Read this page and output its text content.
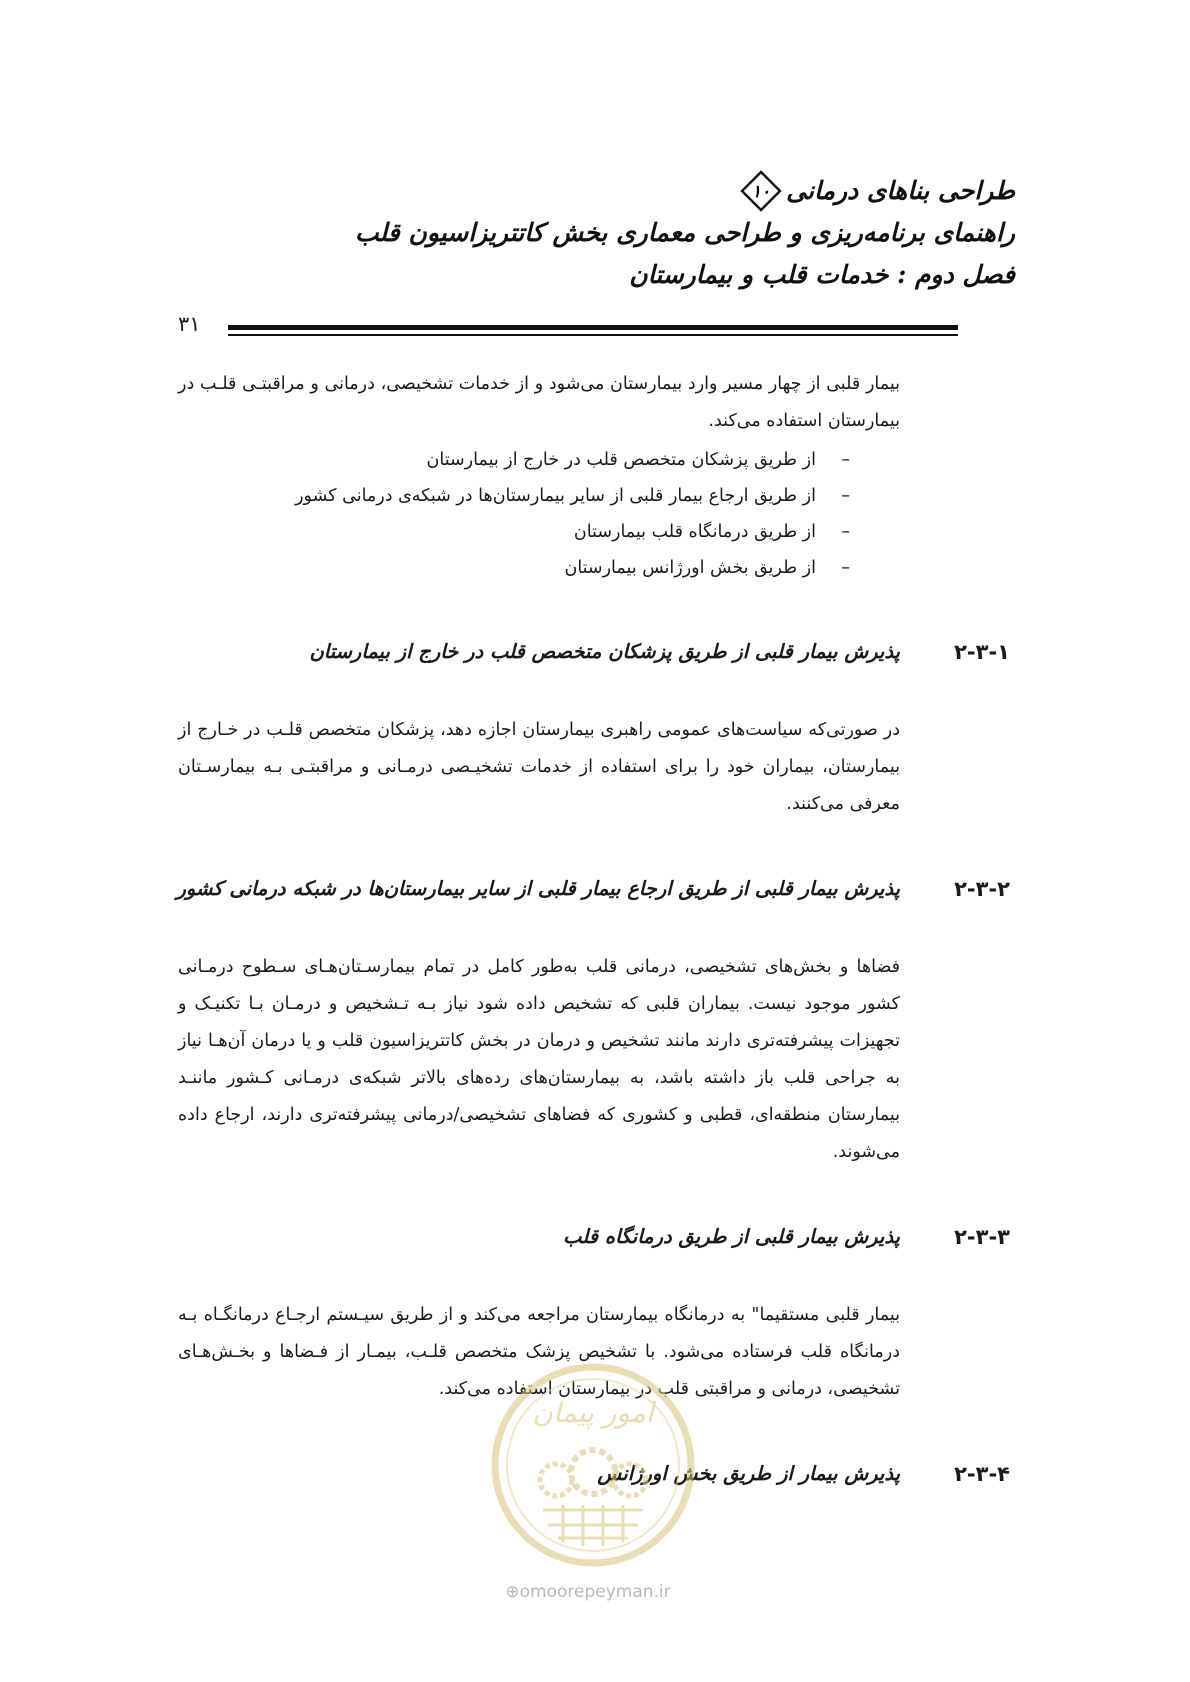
طراحی بناهای درمانی
۱۰
راهنمای برنامه‌ریزی و طراحی معماری بخش کاتتریزاسیون قلب
فصل دوم : خدمات قلب و بیمارستان
۳۱

بیمار قلبی از چهار مسیر وارد بیمارستان می‌شود و از خدمات تشخیصی، درمانی و مراقبتـی قلـب در بیمارستان استفاده می‌کند.

–
از طریق پزشکان متخصص قلب در خارج از بیمارستان
–
از طریق ارجاع بیمار قلبی از سایر بیمارستان‌ها در شبکه‌ی درمانی کشور
–
از طریق درمانگاه قلب بیمارستان
–
از طریق بخش اورژانس بیمارستان
۲-۳-۱
پذیرش بیمار قلبی از طریق پزشکان متخصص قلب در خارج از بیمارستان

در صورتی‌که سیاست‌های عمومی راهبری بیمارستان اجازه دهد، پزشکان متخصص قلـب در خـارج از بیمارستان، بیماران خود را برای استفاده از خدمات تشخیـصی درمـانی و مراقبتـی بـه بیمارسـتان معرفی می‌کنند.

۲-۳-۲
پذیرش بیمار قلبی از طریق ارجاع بیمار قلبی از سایر بیمارستان‌ها در شبکه درمانی کشور

فضاها و بخش‌های تشخیصی، درمانی قلب به‌طور کامل در تمام بیمارسـتان‌هـای سـطوح درمـانی کشور موجود نیست. بیماران قلبی که تشخیص داده شود نیاز بـه تـشخیص و درمـان بـا تکنیـک و تجهیزات پیشرفته‌تری دارند مانند تشخیص و درمان در بخش کاتتریزاسیون قلب و یا درمان آن‌هـا نیاز به جراحی قلب باز داشته باشد، به بیمارستان‌های رده‌های بالاتر شبکه‌ی درمـانی کـشور ماننـد بیمارستان منطقه‌ای، قطبی و کشوری که فضاهای تشخیصی/درمانی پیشرفته‌تری دارند، ارجاع داده می‌شوند.

۲-۳-۳
پذیرش بیمار قلبی از طریق درمانگاه قلب

بیمار قلبی مستقیما" به درمانگاه بیمارستان مراجعه می‌کند و از طریق سیـستم ارجـاع درمانگـاه بـه درمانگاه قلب فرستاده می‌شود. با تشخیص پزشک متخصص قلـب، بیمـار از فـضاها و بخـش‌هـای تشخیصی، درمانی و مراقبتی قلب در بیمارستان استفاده می‌کند.

۲-۳-۴
پذیرش بیمار از طریق بخش اورژانس
امور پیمان
⊕omoorepeyman.ir
